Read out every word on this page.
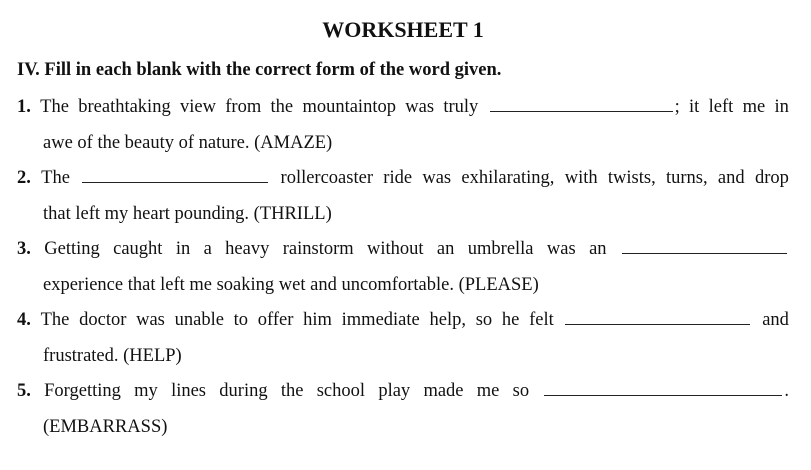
WORKSHEET 1
IV. Fill in each blank with the correct form of the word given.
1. The breathtaking view from the mountaintop was truly	; it left me in
awe of the beauty of nature. (AMAZE)
2. The	rollercoaster ride was exhilarating, with twists, turns, and drop
that left my heart pounding. (THRILL)
3. Getting caught in a heavy rainstorm without an umbrella was an
experience that left me soaking wet and uncomfortable. (PLEASE)
4. The doctor was unable to offer him immediate help, so he felt	and
frustrated. (HELP)
5. Forgetting my lines during the school play made me so	.
(EMBARRASS)
